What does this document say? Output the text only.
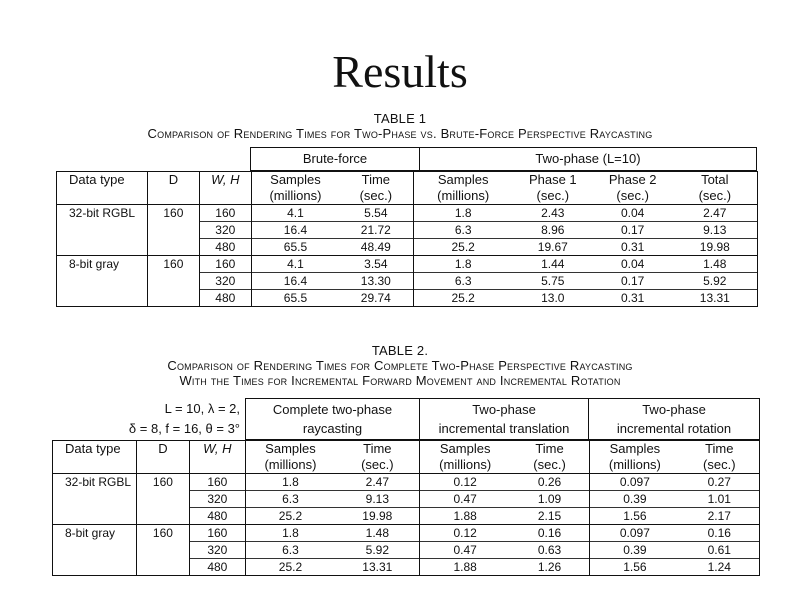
Results
TABLE 1
Comparison of Rendering Times for Two-Phase vs. Brute-Force Perspective Raycasting
Brute-force	Two-phase (L=10)
Data type	D	W, H	Samples	Time	Samples	Phase 1	Phase 2	Total
			(millions)	(sec.)	(millions)	(sec.)	(sec.)	(sec.)
32-bit RGBL	160	160	4.1	5.54	1.8	2.43	0.04	2.47
		320	16.4	21.72	6.3	8.96	0.17	9.13
		480	65.5	48.49	25.2	19.67	0.31	19.98
8-bit gray	160	160	4.1	3.54	1.8	1.44	0.04	1.48
		320	16.4	13.30	6.3	5.75	0.17	5.92
		480	65.5	29.74	25.2	13.0	0.31	13.31
TABLE 2.
Comparison of Rendering Times for Complete Two-Phase Perspective Raycasting
With the Times for Incremental Forward Movement and Incremental Rotation
L = 10, λ = 2,
δ = 8, f = 16, θ = 3°
Complete two-phase
raycasting
Two-phase
incremental translation
Two-phase
incremental rotation
Data type	D	W, H	Samples	Time	Samples	Time	Samples	Time
			(millions)	(sec.)	(millions)	(sec.)	(millions)	(sec.)
32-bit RGBL	160	160	1.8	2.47	0.12	0.26	0.097	0.27
		320	6.3	9.13	0.47	1.09	0.39	1.01
		480	25.2	19.98	1.88	2.15	1.56	2.17
8-bit gray	160	160	1.8	1.48	0.12	0.16	0.097	0.16
		320	6.3	5.92	0.47	0.63	0.39	0.61
		480	25.2	13.31	1.88	1.26	1.56	1.24
